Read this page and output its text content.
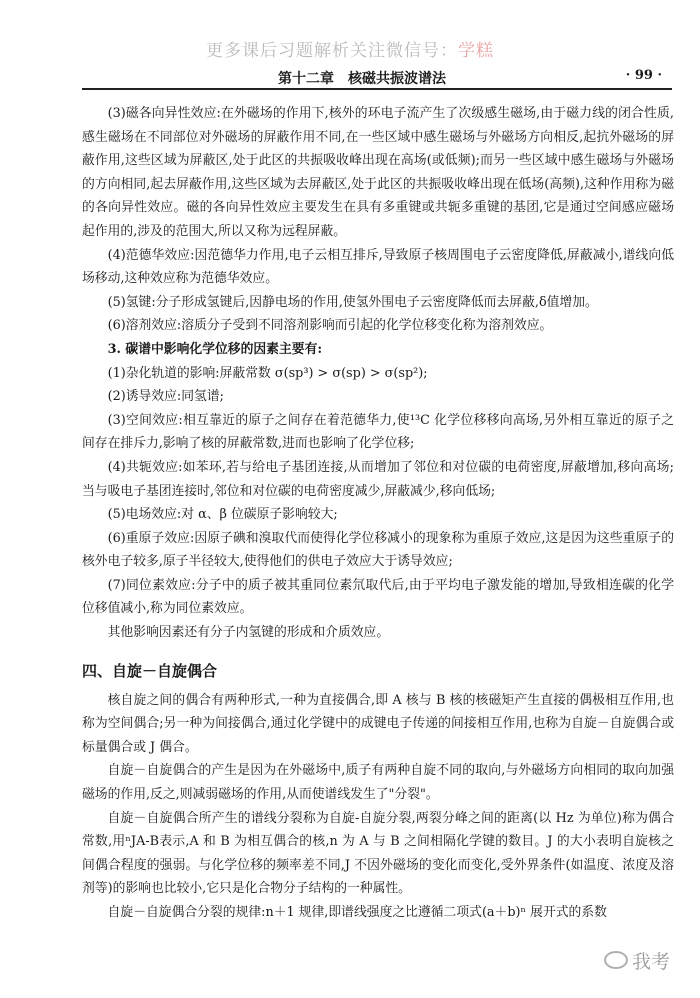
更多课后习题解析关注微信号：学糕
第十二章　核磁共振波谱法	· 99 ·

(3)磁各向异性效应:在外磁场的作用下,核外的环电子流产生了次级感生磁场,由于磁力线的闭合性质,感生磁场在不同部位对外磁场的屏蔽作用不同,在一些区域中感生磁场与外磁场方向相反,起抗外磁场的屏蔽作用,这些区域为屏蔽区,处于此区的共振吸收峰出现在高场(或低频);而另一些区域中感生磁场与外磁场的方向相同,起去屏蔽作用,这些区域为去屏蔽区,处于此区的共振吸收峰出现在低场(高频),这种作用称为磁的各向异性效应。磁的各向异性效应主要发生在具有多重键或共轭多重键的基团,它是通过空间感应磁场起作用的,涉及的范围大,所以又称为远程屏蔽。

(4)范德华效应:因范德华力作用,电子云相互排斥,导致原子核周围电子云密度降低,屏蔽减小,谱线向低场移动,这种效应称为范德华效应。

(5)氢键:分子形成氢键后,因静电场的作用,使氢外围电子云密度降低而去屏蔽,δ值增加。

(6)溶剂效应:溶质分子受到不同溶剂影响而引起的化学位移变化称为溶剂效应。

3. 碳谱中影响化学位移的因素主要有:

(1)杂化轨道的影响:屏蔽常数 σ(sp³) > σ(sp) > σ(sp²);

(2)诱导效应:同氢谱;

(3)空间效应:相互靠近的原子之间存在着范德华力,使¹³C 化学位移移向高场,另外相互靠近的原子之间存在排斥力,影响了核的屏蔽常数,进而也影响了化学位移;

(4)共轭效应:如苯环,若与给电子基团连接,从而增加了邻位和对位碳的电荷密度,屏蔽增加,移向高场;当与吸电子基团连接时,邻位和对位碳的电荷密度减少,屏蔽减少,移向低场;

(5)电场效应:对 α、β 位碳原子影响较大;

(6)重原子效应:因原子碘和溴取代而使得化学位移减小的现象称为重原子效应,这是因为这些重原子的核外电子较多,原子半径较大,使得他们的供电子效应大于诱导效应;

(7)同位素效应:分子中的质子被其重同位素氘取代后,由于平均电子激发能的增加,导致相连碳的化学位移值减小,称为同位素效应。

其他影响因素还有分子内氢键的形成和介质效应。

四、自旋－自旋偶合

核自旋之间的偶合有两种形式,一种为直接偶合,即 A 核与 B 核的核磁矩产生直接的偶极相互作用,也称为空间偶合;另一种为间接偶合,通过化学键中的成键电子传递的间接相互作用,也称为自旋－自旋偶合或标量偶合或 J 偶合。

自旋－自旋偶合的产生是因为在外磁场中,质子有两种自旋不同的取向,与外磁场方向相同的取向加强磁场的作用,反之,则减弱磁场的作用,从而使谱线发生了"分裂"。

自旋－自旋偶合所产生的谱线分裂称为自旋-自旋分裂,两裂分峰之间的距离(以 Hz 为单位)称为偶合常数,用ⁿJA-B表示,A 和 B 为相互偶合的核,n 为 A 与 B 之间相隔化学键的数目。J 的大小表明自旋核之间偶合程度的强弱。与化学位移的频率差不同,J 不因外磁场的变化而变化,受外界条件(如温度、浓度及溶剂等)的影响也比较小,它只是化合物分子结构的一种属性。

自旋－自旋偶合分裂的规律:n＋1 规律,即谱线强度之比遵循二项式(a＋b)ⁿ 展开式的系数

我考
